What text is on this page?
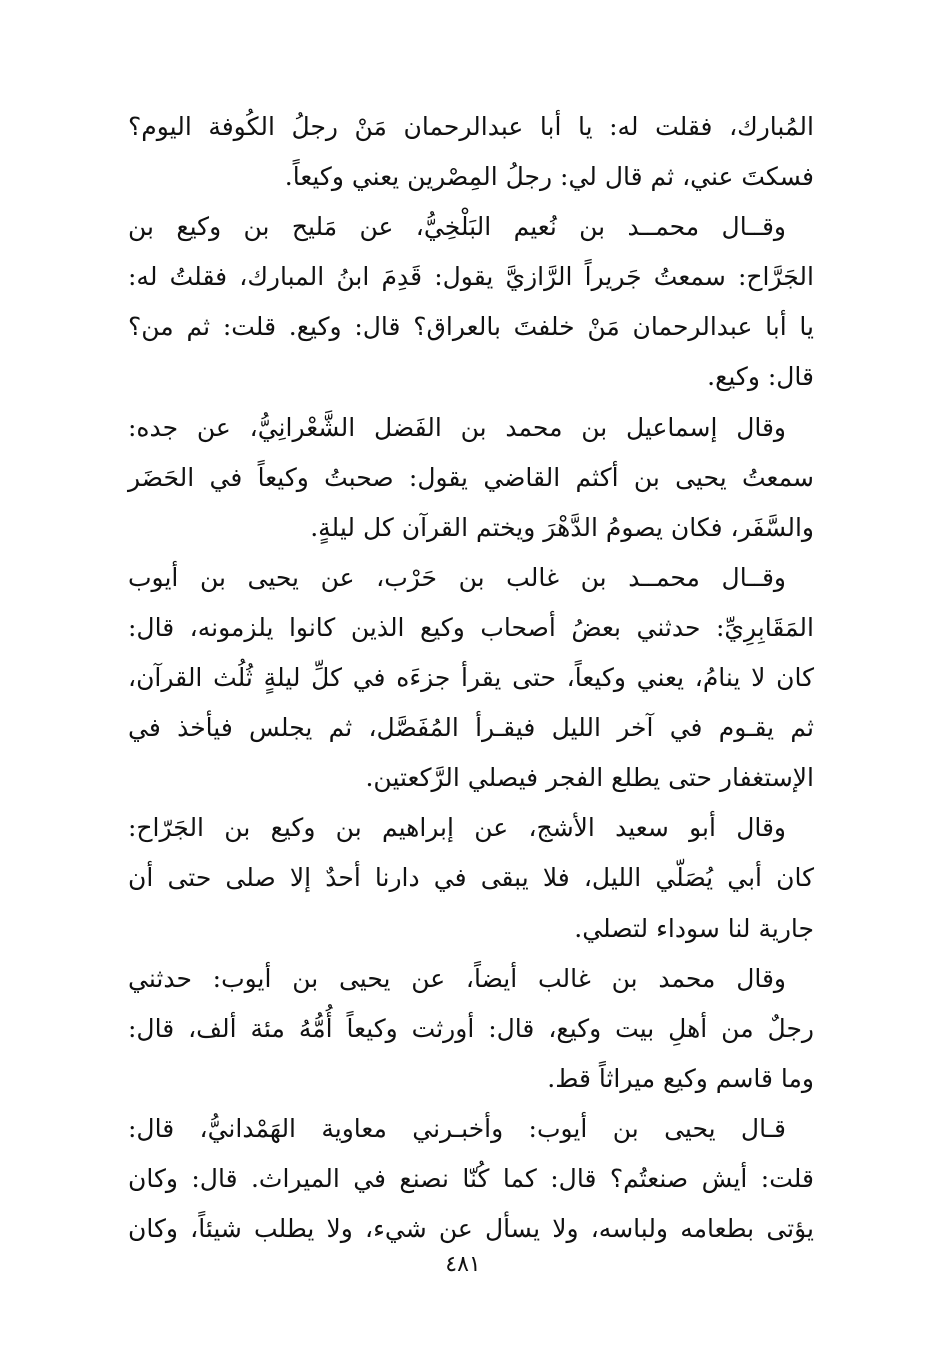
المُبارك، فقلت له: يا أبا عبدالرحمان مَنْ رجلُ الكُوفة اليوم؟
فسكتَ عني، ثم قال لي: رجلُ المِصْرين يعني وكيعاً.
وقــال محمــد بن نُعيم البَلْخِيُّ، عن مَليح بن وكيع بن
الجَرَّاح: سمعتُ جَريراً الرَّازيَّ يقول: قَدِمَ ابنُ المبارك، فقلتُ له:
يا أبا عبدالرحمان مَنْ خلفتَ بالعراق؟ قال: وكيع. قلت: ثم من؟
قال: وكيع.
وقال إسماعيل بن محمد بن الفَضل الشَّعْرانِيُّ، عن جده:
سمعتُ يحيى بن أكثم القاضي يقول: صحبتُ وكيعاً في الحَضَر
والسَّفَر، فكان يصومُ الدَّهْرَ ويختم القرآن كل ليلةٍ.
وقــال محمــد بن غالب بن حَرْب، عن يحيى بن أيوب
المَقَابِرِيِّ: حدثني بعضُ أصحاب وكيع الذين كانوا يلزمونه، قال:
كان لا ينامُ، يعني وكيعاً، حتى يقرأ جزءَه في كلِّ ليلةٍ ثُلُث القرآن،
ثم يقـوم في آخر الليل فيقـرأ المُفَصَّل، ثم يجلس فيأخذ في
الإستغفار حتى يطلع الفجر فيصلي الرَّكعتين.
وقال أبو سعيد الأشج، عن إبراهيم بن وكيع بن الجَرّاح:
كان أبي يُصَلّي الليل، فلا يبقى في دارنا أحدٌ إلا صلى حتى أن
جارية لنا سوداء لتصلي.
وقال محمد بن غالب أيضاً، عن يحيى بن أيوب: حدثني
رجلٌ من أهلِ بيت وكيع، قال: أورثت وكيعاً أُمُّهُ مئة ألف، قال:
وما قاسم وكيع ميراثاً قط.
قـال يحيى بن أيوب: وأخبـرني معاوية الهَمْدانيُّ، قال:
قلت: أيش صنعتُم؟ قال: كما كُنّا نصنع في الميراث. قال: وكان
يؤتى بطعامه ولباسه، ولا يسأل عن شيء، ولا يطلب شيئاً، وكان
٤٨١
